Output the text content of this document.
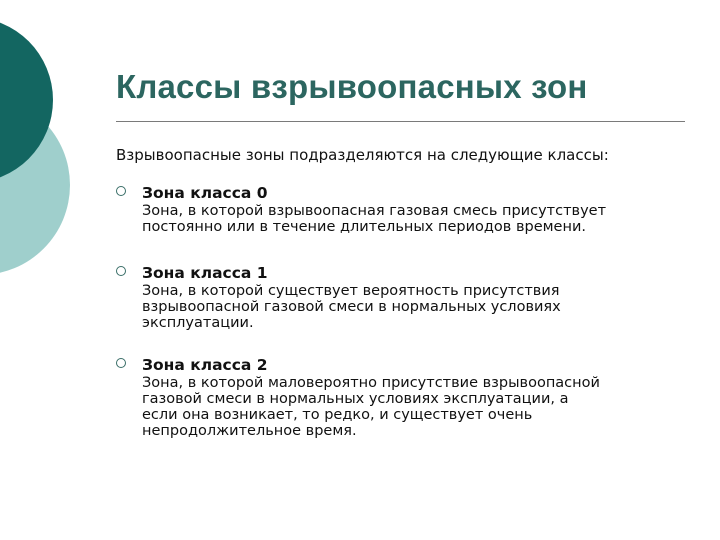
Классы взрывоопасных зон
Взрывоопасные зоны подразделяются на следующие классы:
Зона класса 0
Зона, в которой взрывоопасная газовая смесь присутствует
постоянно или в течение длительных периодов времени.
Зона класса 1
Зона, в которой существует вероятность присутствия
взрывоопасной газовой смеси в нормальных условиях
эксплуатации.
Зона класса 2
Зона, в которой маловероятно присутствие взрывоопасной
газовой смеси в нормальных условиях эксплуатации, а
если она возникает, то редко, и существует очень
непродолжительное время.
